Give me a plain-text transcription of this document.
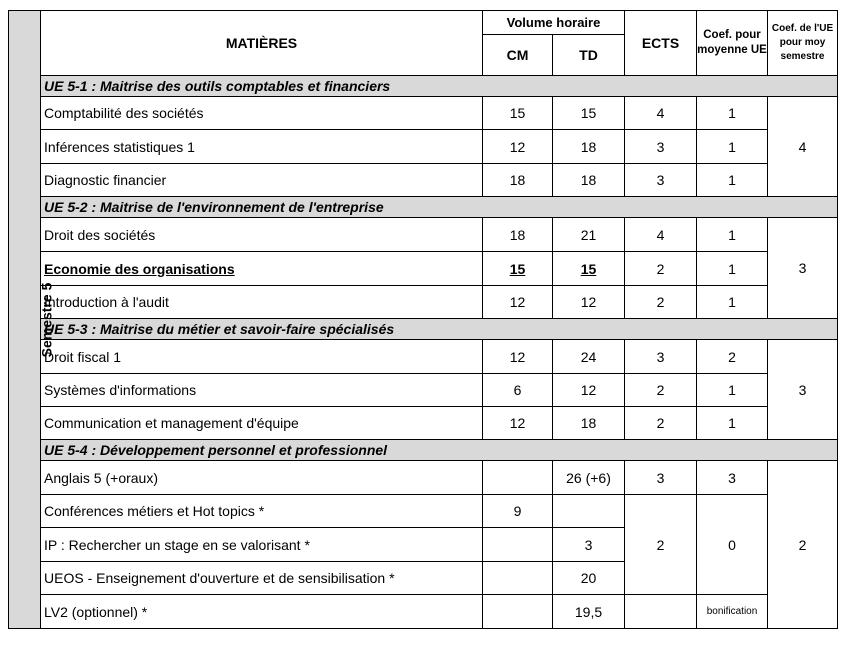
Semestre 5	MATIÈRES	Volume horaire		ECTS	Coef. pour moyenne UE	Coef. de l'UE pour moy semestre
		CM	TD			
	UE 5-1 : Maitrise des outils comptables et financiers					
	Comptabilité des sociétés	15	15	4	1	4
	Inférences statistiques 1	12	18	3	1	
	Diagnostic financier	18	18	3	1	
	UE 5-2 : Maitrise de l'environnement de l'entreprise					
	Droit des sociétés	18	21	4	1	3
	Economie des organisations	15	15	2	1	
	Introduction à l'audit	12	12	2	1	
	UE 5-3 : Maitrise du métier et savoir-faire spécialisés					
	Droit fiscal 1	12	24	3	2	3
	Systèmes d'informations	6	12	2	1	
	Communication et management d'équipe	12	18	2	1	
	UE 5-4 : Développement personnel et professionnel					
	Anglais 5 (+oraux)		26 (+6)	3	3	2
	Conférences métiers et Hot topics *	9		2	0	
	IP : Rechercher un stage en se valorisant *		3			
	UEOS - Enseignement d'ouverture et de sensibilisation *		20			
	LV2 (optionnel) *		19,5		bonification	
